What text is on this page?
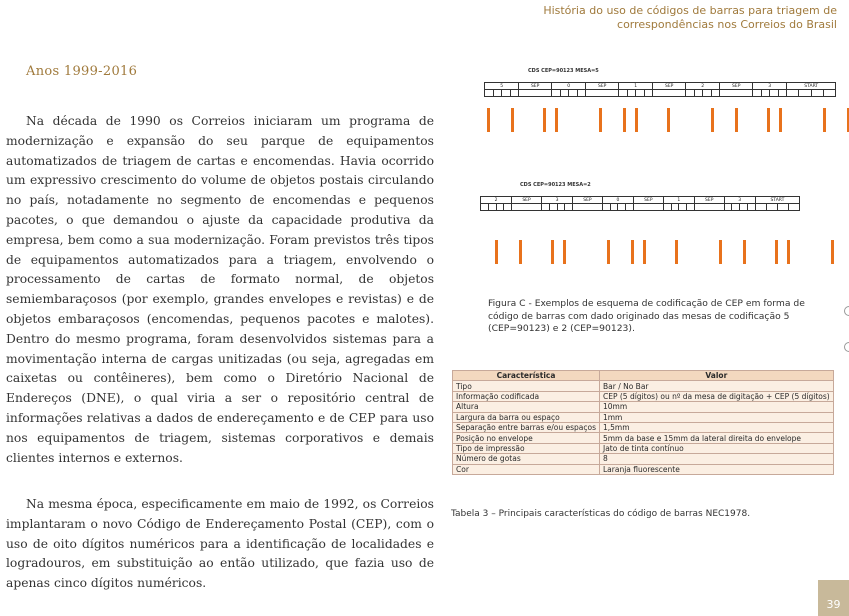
História do uso de códigos de barras para triagem de correspondências nos Correios do Brasil
Anos 1999-2016

Na década de 1990 os Correios iniciaram um programa de modernização e expansão do seu parque de equipamentos automatizados de triagem de cartas e encomendas. Havia ocorrido um expressivo crescimento do volume de objetos postais circulando no país, notadamente no segmento de encomendas e pequenos pacotes, o que demandou o ajuste da capacidade produtiva da empresa, bem como a sua modernização. Foram previstos três tipos de equipamentos automatizados para a triagem, envolvendo o processamento de cartas de formato normal, de objetos semiembaraçosos (por exemplo, grandes envelopes e revistas) e de objetos embaraçosos (encomendas, pequenos pacotes e malotes). Dentro do mesmo programa, foram desenvolvidos sistemas para a movimentação interna de cargas unitizadas (ou seja, agregadas em caixetas ou contêineres), bem como o Diretório Nacional de Endereços (DNE), o qual viria a ser o repositório central de informações relativas a dados de endereçamento e de CEP para uso nos equipamentos de triagem, sistemas corporativos e demais clientes internos e externos.

Na mesma época, especificamente em maio de 1992, os Correios implantaram o novo Código de Endereçamento Postal (CEP), com o uso de oito dígitos numéricos para a identificação de localidades e logradouros, em substituição ao então utilizado, que fazia uso de apenas cinco dígitos numéricos.

CDS CEP=90123 MESA=5
5				SEP	0				SEP	1				SEP	2				SEP	3				START			

CDS CEP=90123 MESA=2
2				SEP	3				SEP	0				SEP	1				SEP	3				START			

Figura C - Exemplos de esquema de codificação de CEP em forma de código de barras com dado originado das mesas de codificação 5 (CEP=90123) e 2 (CEP=90123).
Característica	Valor
Tipo	Bar / No Bar
Informação codificada	CEP (5 dígitos) ou nº da mesa de digitação + CEP (5 dígitos)
Altura	10mm
Largura da barra ou espaço	1mm
Separação entre barras e/ou espaços	1,5mm
Posição no envelope	5mm da base e 15mm da lateral direita do envelope
Tipo de impressão	Jato de tinta contínuo
Número de gotas	8
Cor	Laranja fluorescente
Tabela 3 – Principais características do código de barras NEC1978.
39
